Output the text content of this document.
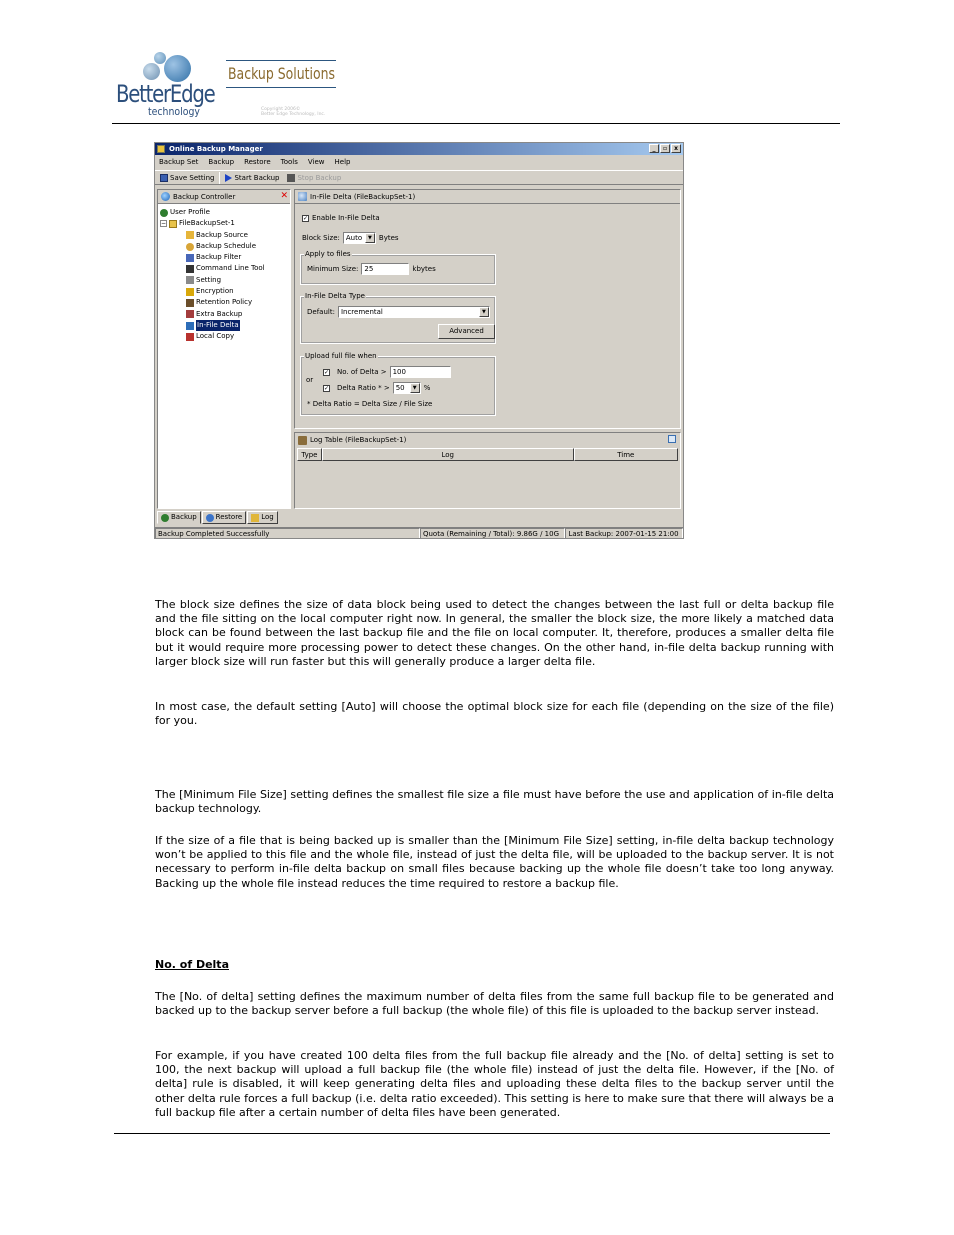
BetterEdge
technology
Backup Solutions
Copyright 2006©
Better Edge Technology, Inc.
Online Backup Manager	_	▫	x
Backup Set Backup Restore Tools View Help
Save Setting	Start Backup	Stop Backup
Backup Controller	✕
User Profile
− FileBackupSet-1
Backup Source
Backup Schedule
Backup Filter
Command Line Tool
Setting
Encryption
Retention Policy
Extra Backup
In-File Delta
Local Copy
In-File Delta (FileBackupSet-1)
✓ Enable In-File Delta
Block Size: Auto	▼	Bytes
Apply to files
Minimum Size: 25	kbytes
In-File Delta Type
Default: Incremental	▼
Advanced
Upload full file when
✓ No. of Delta > 100
or
✓ Delta Ratio * > 50	▼	%
* Delta Ratio = Delta Size / File Size
Log Table (FileBackupSet-1)
Type	Log	Time
Backup	Restore	Log
Backup Completed Successfully	Quota (Remaining / Total): 9.86G / 10G	Last Backup: 2007-01-15 21:00

The block size defines the size of data block being used to detect the changes between the last full or delta backup file and the file sitting on the local computer right now. In general, the smaller the block size, the more likely a matched data block can be found between the last backup file and the file on local computer. It, therefore, produces a smaller delta file but it would require more processing power to detect these changes. On the other hand, in-file delta backup running with larger block size will run faster but this will generally produce a larger delta file.

In most case, the default setting [Auto] will choose the optimal block size for each file (depending on the size of the file) for you.

The [Minimum File Size] setting defines the smallest file size a file must have before the use and application of in-file delta backup technology.

If the size of a file that is being backed up is smaller than the [Minimum File Size] setting, in-file delta backup technology won’t be applied to this file and the whole file, instead of just the delta file, will be uploaded to the backup server. It is not necessary to perform in-file delta backup on small files because backing up the whole file doesn’t take too long anyway. Backing up the whole file instead reduces the time required to restore a backup file.

No. of Delta

The [No. of delta] setting defines the maximum number of delta files from the same full backup file to be generated and backed up to the backup server before a full backup (the whole file) of this file is uploaded to the backup server instead.

For example, if you have created 100 delta files from the full backup file already and the [No. of delta] setting is set to 100, the next backup will upload a full backup file (the whole file) instead of just the delta file. However, if the [No. of delta] rule is disabled, it will keep generating delta files and uploading these delta files to the backup server until the other delta rule forces a full backup (i.e. delta ratio exceeded). This setting is here to make sure that there will always be a full backup file after a certain number of delta files have been generated.
